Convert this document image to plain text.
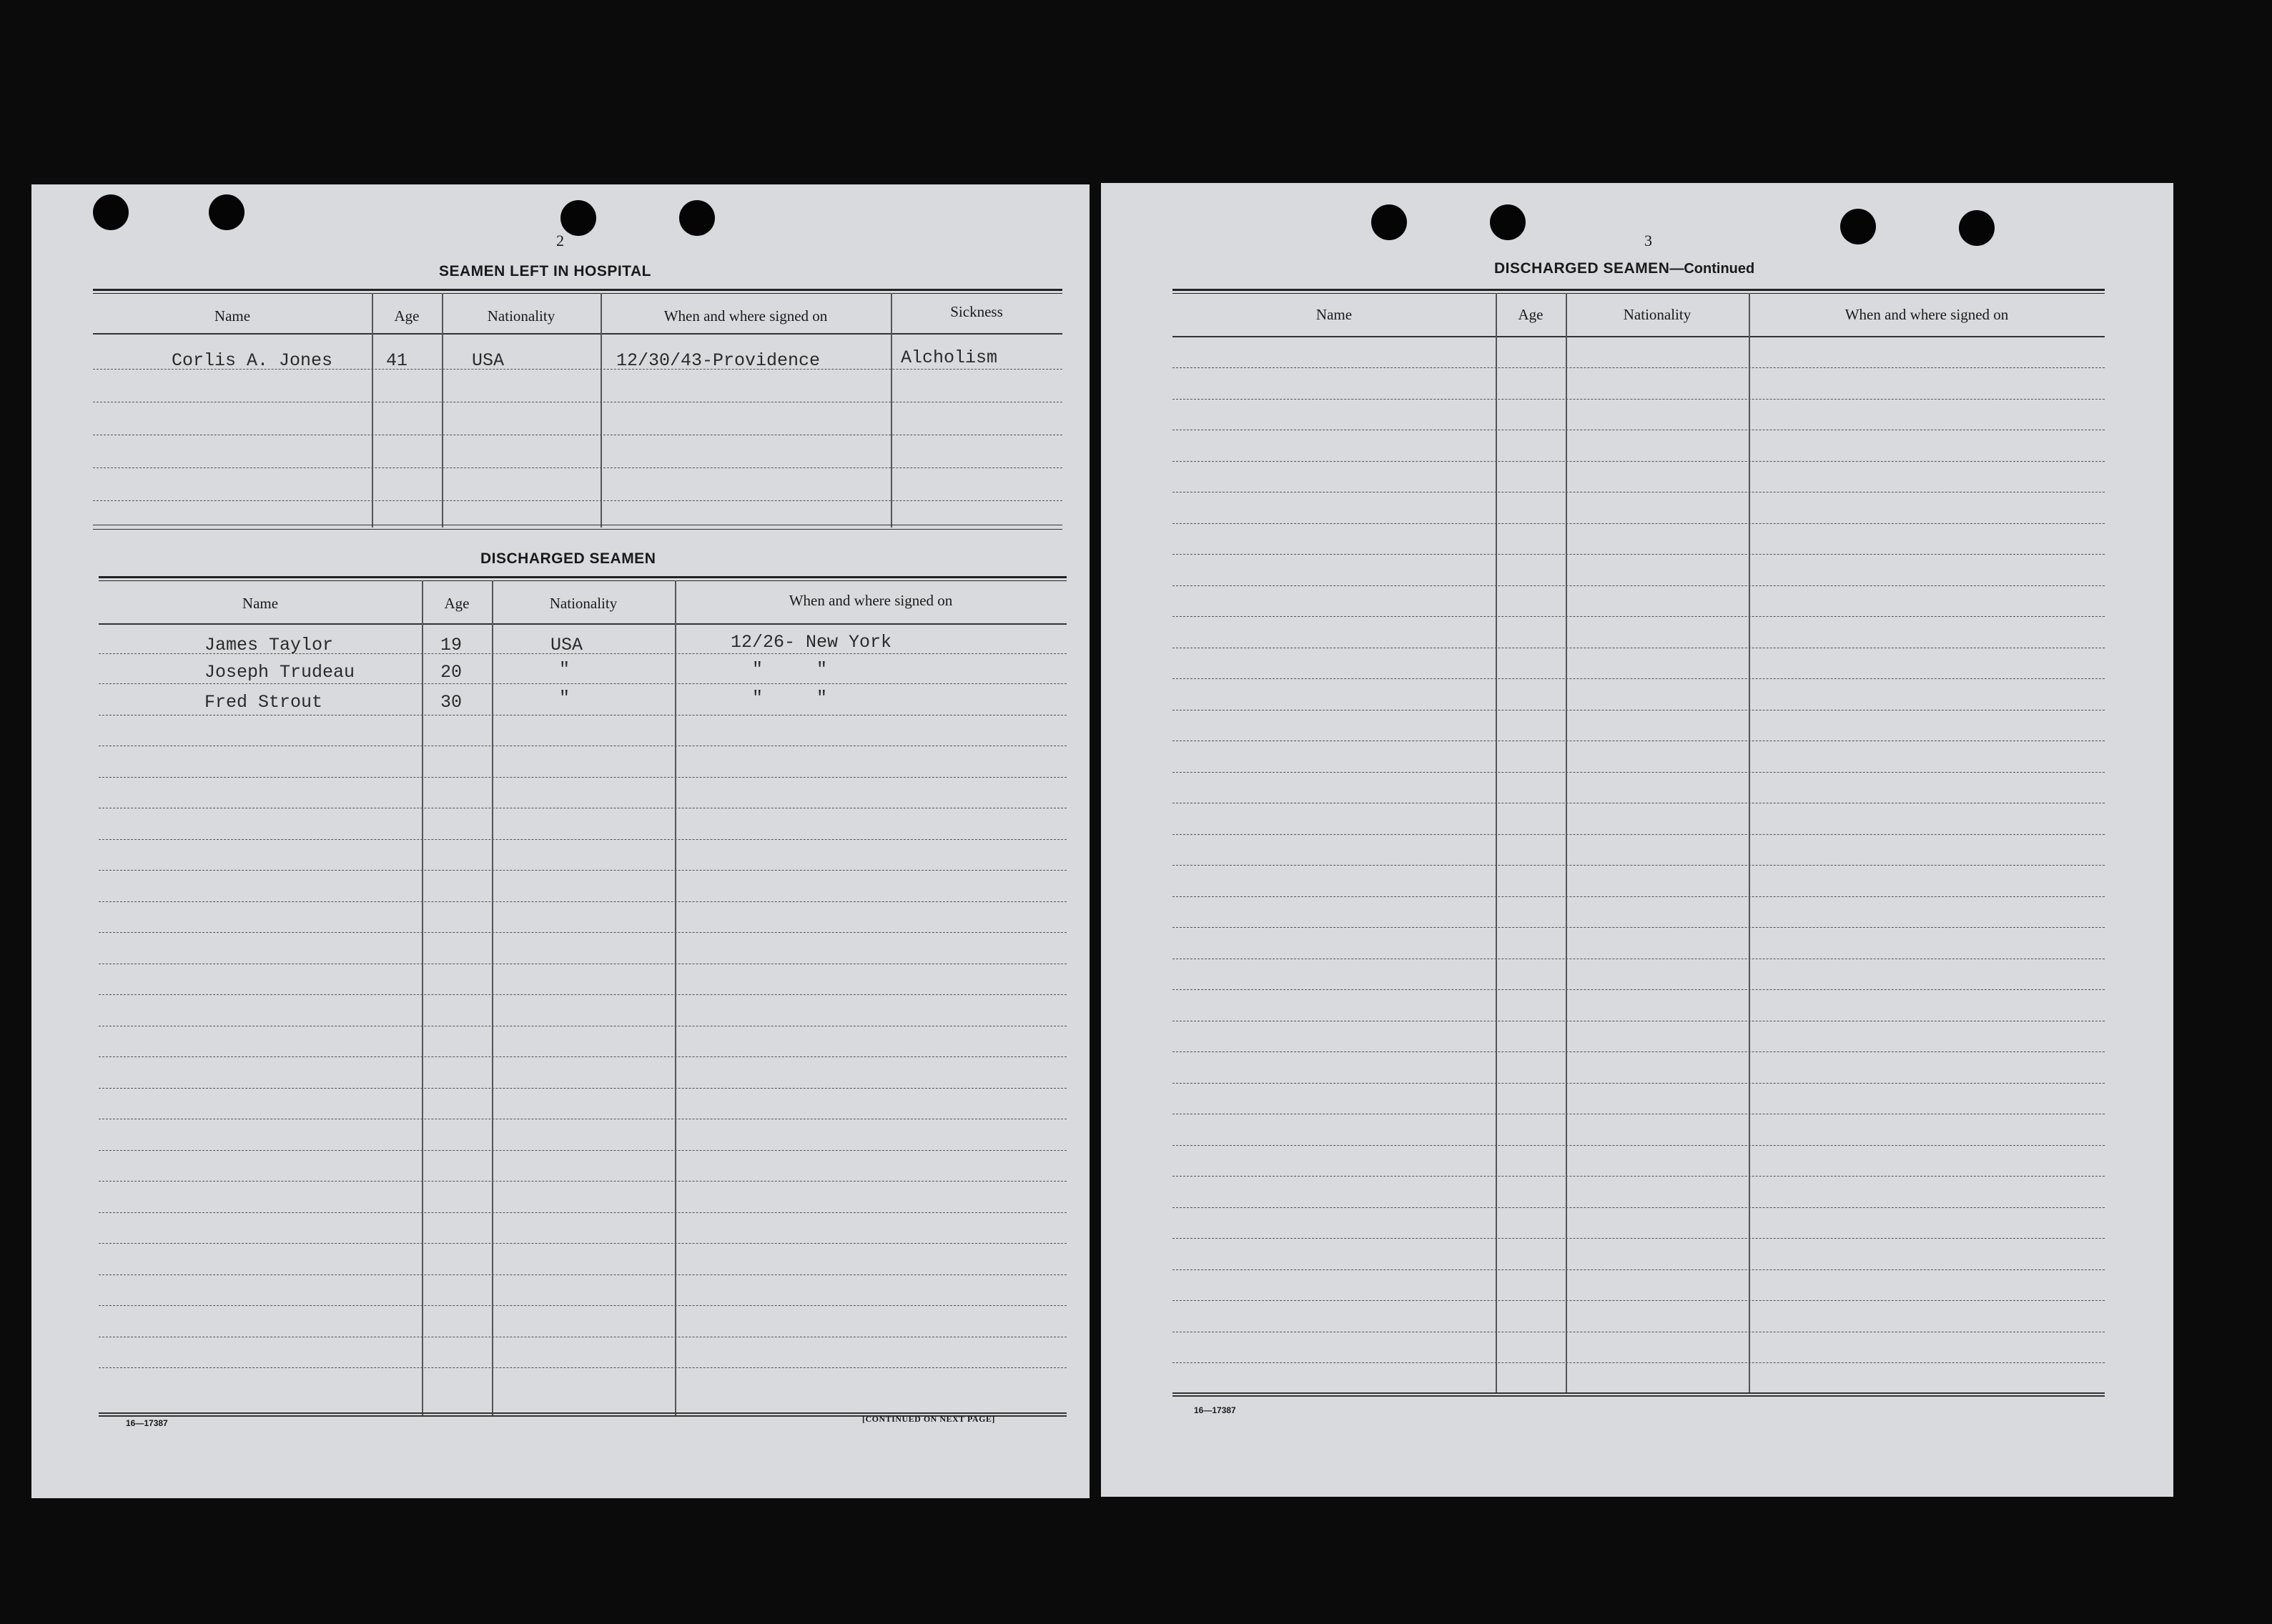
2
SEAMEN LEFT IN HOSPITAL
Name	Age	Nationality	When and where signed on	Sickness
Corlis A. Jones	41	USA	12/30/43-Providence	Alcholism
DISCHARGED SEAMEN
Name	Age	Nationality	When and where signed on
James Taylor	19	USA	12/26- New York
Joseph Trudeau	20	"	"     "
Fred Strout	30	"	"     "
16—17387	[CONTINUED ON NEXT PAGE]
3
DISCHARGED SEAMEN—Continued
Name	Age	Nationality	When and where signed on
16—17387
